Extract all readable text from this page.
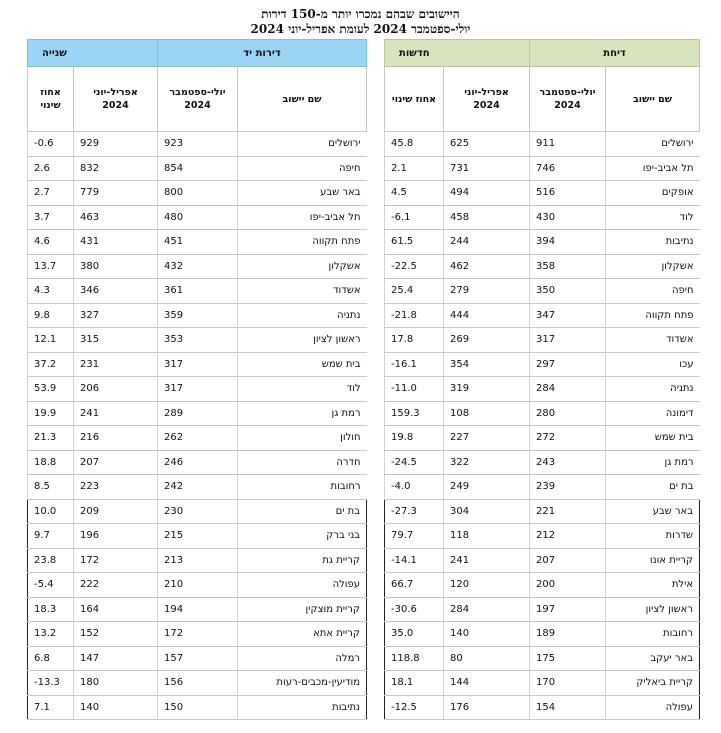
היישובים שבהם נמכרו יותר מ-150 דירות
יולי-ספטמבר 2024 לעומת אפריל-יוני 2024
דיחת		חדשות	
שם יישוב	יולי-ספטמבר 2024	אפריל-יוני 2024	אחוז שינוי
ירושלים	911	625	45.8
תל אביב-יפו	746	731	2.1
אופקים	516	494	4.5
לוד	430	458	-6.1
נתיבות	394	244	61.5
אשקלון	358	462	-22.5
חיפה	350	279	25.4
פתח תקווה	347	444	-21.8
אשדוד	317	269	17.8
עכו	297	354	-16.1
נתניה	284	319	-11.0
דימונה	280	108	159.3
בית שמש	272	227	19.8
רמת גן	243	322	-24.5
בת ים	239	249	-4.0
באר שבע	221	304	-27.3
שדרות	212	118	79.7
קריית אונו	207	241	-14.1
אילת	200	120	66.7
ראשון לציון	197	284	-30.6
רחובות	189	140	35.0
באר יעקב	175	80	118.8
קריית ביאליק	170	144	18.1
עפולה	154	176	-12.5
דירות יד		שנייה	
שם יישוב	יולי-ספטמבר 2024	אפריל-יוני 2024	אחוז שינוי
ירושלים	923	929	-0.6
חיפה	854	832	2.6
באר שבע	800	779	2.7
תל אביב-יפו	480	463	3.7
פתח תקווה	451	431	4.6
אשקלון	432	380	13.7
אשדוד	361	346	4.3
נתניה	359	327	9.8
ראשון לציון	353	315	12.1
בית שמש	317	231	37.2
לוד	317	206	53.9
רמת גן	289	241	19.9
חולון	262	216	21.3
חדרה	246	207	18.8
רחובות	242	223	8.5
בת ים	230	209	10.0
בני ברק	215	196	9.7
קריית גת	213	172	23.8
עפולה	210	222	-5.4
קריית מוצקין	194	164	18.3
קריית אתא	172	152	13.2
רמלה	157	147	6.8
מודיעין-מכבים-רעות	156	180	-13.3
נתיבות	150	140	7.1
